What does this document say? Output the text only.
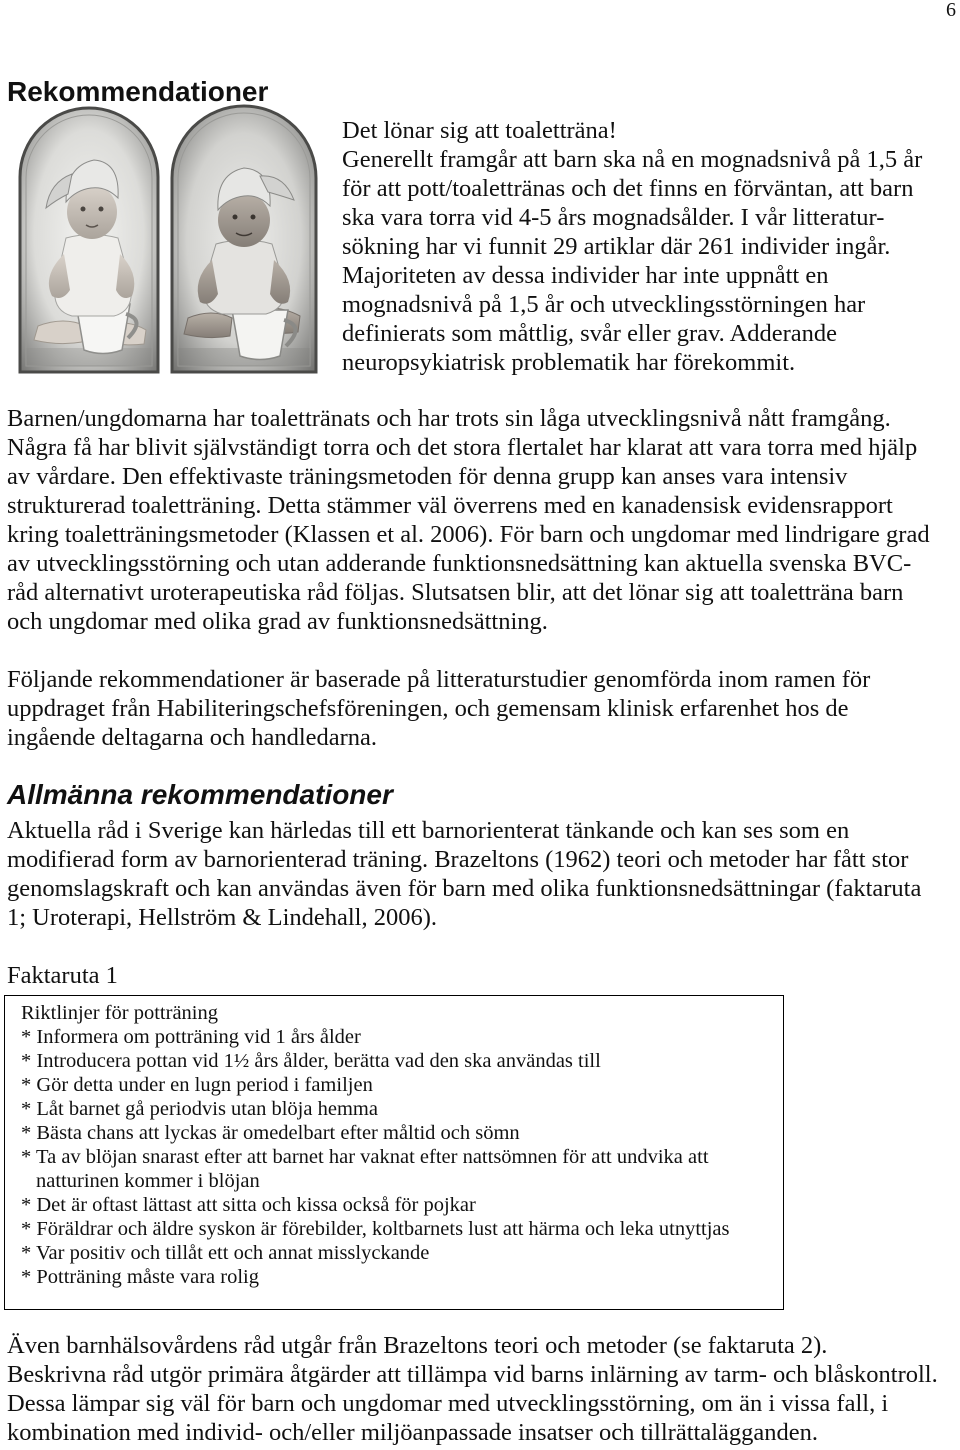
6
Rekommendationer
Det lönar sig att toaletträna!
Generellt framgår att barn ska nå en mognadsnivå på 1,5 år
för att pott/toalettränas och det finns en förväntan, att barn
ska vara torra vid 4-5 års mognadsålder. I vår litteratur-
sökning har vi funnit 29 artiklar där 261 individer ingår.
Majoriteten av dessa individer har inte uppnått en
mognadsnivå på 1,5 år och utvecklingsstörningen har
definierats som måttlig, svår eller grav. Adderande
neuropsykiatrisk problematik har förekommit.
Barnen/ungdomarna har toalettränats och har trots sin låga utvecklingsnivå nått framgång.
Några få har blivit självständigt torra och det stora flertalet har klarat att vara torra med hjälp
av vårdare. Den effektivaste träningsmetoden för denna grupp kan anses vara intensiv
strukturerad toaletträning. Detta stämmer väl överrens med en kanadensisk evidensrapport
kring toaletträningsmetoder (Klassen et al. 2006). För barn och ungdomar med lindrigare grad
av utvecklingsstörning och utan adderande funktionsnedsättning kan aktuella svenska BVC-
råd alternativt uroterapeutiska råd följas. Slutsatsen blir, att det lönar sig att toaletträna barn
och ungdomar med olika grad av funktionsnedsättning.
Följande rekommendationer är baserade på litteraturstudier genomförda inom ramen för
uppdraget från Habiliteringschefsföreningen, och gemensam klinisk erfarenhet hos de
ingående deltagarna och handledarna.
Allmänna rekommendationer
Aktuella råd i Sverige kan härledas till ett barnorienterat tänkande och kan ses som en
modifierad form av barnorienterad träning. Brazeltons (1962) teori och metoder har fått stor
genomslagskraft och kan användas även för barn med olika funktionsnedsättningar (faktaruta
1; Uroterapi, Hellström & Lindehall, 2006).
Faktaruta 1
Riktlinjer för potträning
* Informera om potträning vid 1 års ålder
* Introducera pottan vid 1½ års ålder, berätta vad den ska användas till
* Gör detta under en lugn period i familjen
* Låt barnet gå periodvis utan blöja hemma
* Bästa chans att lyckas är omedelbart efter måltid och sömn
* Ta av blöjan snarast efter att barnet har vaknat efter nattsömnen för att undvika att
natturinen kommer i blöjan
* Det är oftast lättast att sitta och kissa också för pojkar
* Föräldrar och äldre syskon är förebilder, koltbarnets lust att härma och leka utnyttjas
* Var positiv och tillåt ett och annat misslyckande
* Potträning måste vara rolig
Även barnhälsovårdens råd utgår från Brazeltons teori och metoder (se faktaruta 2).
Beskrivna råd utgör primära åtgärder att tillämpa vid barns inlärning av tarm- och blåskontroll.
Dessa lämpar sig väl för barn och ungdomar med utvecklingsstörning, om än i vissa fall, i
kombination med individ- och/eller miljöanpassade insatser och tillrättalägganden.
